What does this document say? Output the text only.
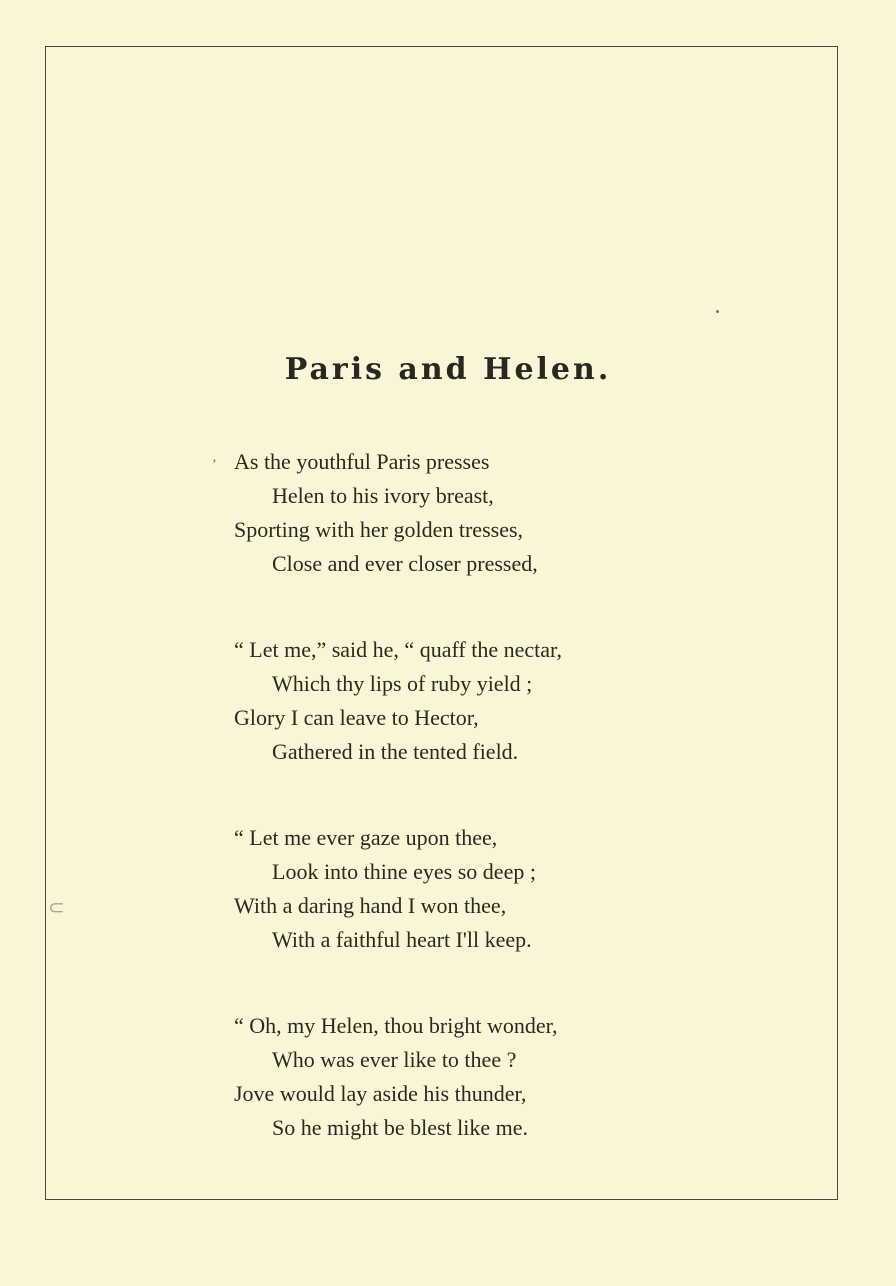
Paris and Helen.
‚
⊂
As the youthful Paris presses
Helen to his ivory breast,
Sporting with her golden tresses,
Close and ever closer pressed,
“ Let me,” said he, “ quaff the nectar,
Which thy lips of ruby yield ;
Glory I can leave to Hector,
Gathered in the tented field.
“ Let me ever gaze upon thee,
Look into thine eyes so deep ;
With a daring hand I won thee,
With a faithful heart I'll keep.
“ Oh, my Helen, thou bright wonder,
Who was ever like to thee ?
Jove would lay aside his thunder,
So he might be blest like me.
